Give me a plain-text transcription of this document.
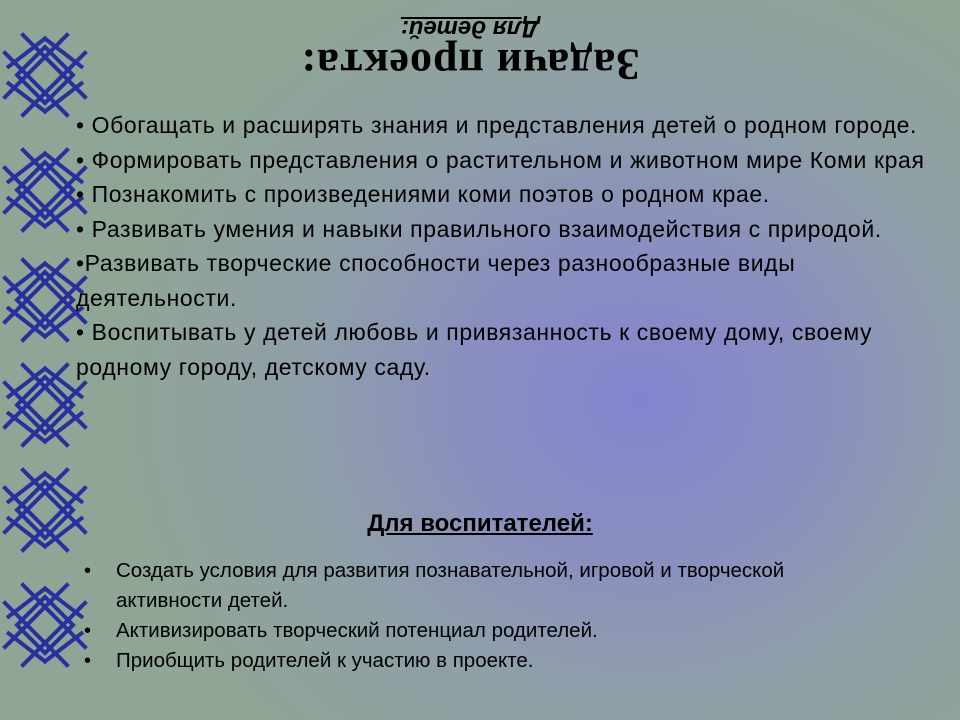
Задачи проекта:
Для детей:

• Обогащать и расширять знания и представления детей о родном городе.

• Формировать представления о растительном и животном мире Коми края

• Познакомить с произведениями коми поэтов о родном крае.

• Развивать умения и навыки правильного взаимодействия с природой.

•Развивать творческие способности через разнообразные виды деятельности.

• Воспитывать у детей любовь и привязанность к своему дому, своему родному городу, детскому саду.

Для воспитателей:

• Создать условия для развития познавательной, игровой и творческой активности детей.
• Активизировать творческий потенциал родителей.
• Приобщить родителей к участию в проекте.
